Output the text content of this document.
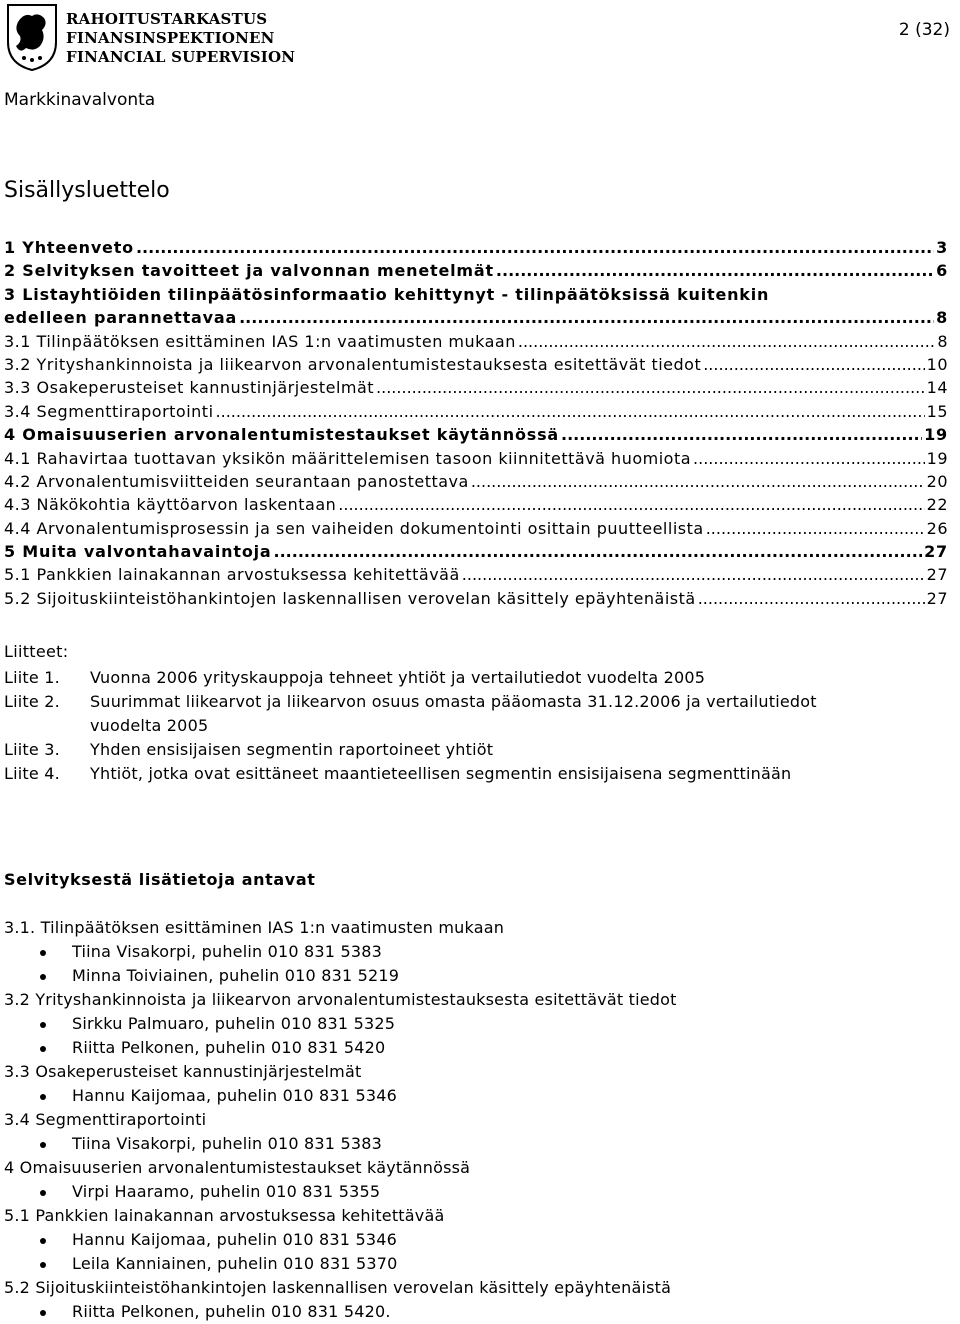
RAHOITUSTARKASTUS
FINANSINSPEKTIONEN
FINANCIAL SUPERVISION
2 (32)
Markkinavalvonta
Sisällysluettelo
1 Yhteenveto .....	3
2 Selvityksen tavoitteet ja valvonnan menetelmät .....	6
3 Listayhtiöiden tilinpäätösinformaatio kehittynyt - tilinpäätöksissä kuitenkin
edelleen parannettavaa .....	8
3.1 Tilinpäätöksen esittäminen IAS 1:n vaatimusten mukaan .....	8
3.2 Yrityshankinnoista ja liikearvon arvonalentumistestauksesta esitettävät tiedot .....	10
3.3 Osakeperusteiset kannustinjärjestelmät .....	14
3.4 Segmenttiraportointi .....	15
4 Omaisuuserien arvonalentumistestaukset käytännössä .....	19
4.1 Rahavirtaa tuottavan yksikön määrittelemisen tasoon kiinnitettävä huomiota .....	19
4.2 Arvonalentumisviitteiden seurantaan panostettava .....	20
4.3 Näkökohtia käyttöarvon laskentaan .....	22
4.4 Arvonalentumisprosessin ja sen vaiheiden dokumentointi osittain puutteellista .....	26
5 Muita valvontahavaintoja .....	27
5.1 Pankkien lainakannan arvostuksessa kehitettävää .....	27
5.2 Sijoituskiinteistöhankintojen laskennallisen verovelan käsittely epäyhtenäistä .....	27
Liitteet:
Liite 1.	Vuonna 2006 yrityskauppoja tehneet yhtiöt ja vertailutiedot vuodelta 2005
Liite 2.	Suurimmat liikearvot ja liikearvon osuus omasta pääomasta 31.12.2006 ja vertailutiedot
vuodelta 2005
Liite 3.	Yhden ensisijaisen segmentin raportoineet yhtiöt
Liite 4.	Yhtiöt, jotka ovat esittäneet maantieteellisen segmentin ensisijaisena segmenttinään
Selvityksestä lisätietoja antavat
3.1. Tilinpäätöksen esittäminen IAS 1:n vaatimusten mukaan
Tiina Visakorpi, puhelin 010 831 5383
Minna Toiviainen, puhelin 010 831 5219
3.2 Yrityshankinnoista ja liikearvon arvonalentumistestauksesta esitettävät tiedot
Sirkku Palmuaro, puhelin 010 831 5325
Riitta Pelkonen, puhelin 010 831 5420
3.3 Osakeperusteiset kannustinjärjestelmät
Hannu Kaijomaa, puhelin 010 831 5346
3.4 Segmenttiraportointi
Tiina Visakorpi, puhelin 010 831 5383
4 Omaisuuserien arvonalentumistestaukset käytännössä
Virpi Haaramo, puhelin 010 831 5355
5.1 Pankkien lainakannan arvostuksessa kehitettävää
Hannu Kaijomaa, puhelin 010 831 5346
Leila Kanniainen, puhelin 010 831 5370
5.2 Sijoituskiinteistöhankintojen laskennallisen verovelan käsittely epäyhtenäistä
Riitta Pelkonen, puhelin 010 831 5420.
